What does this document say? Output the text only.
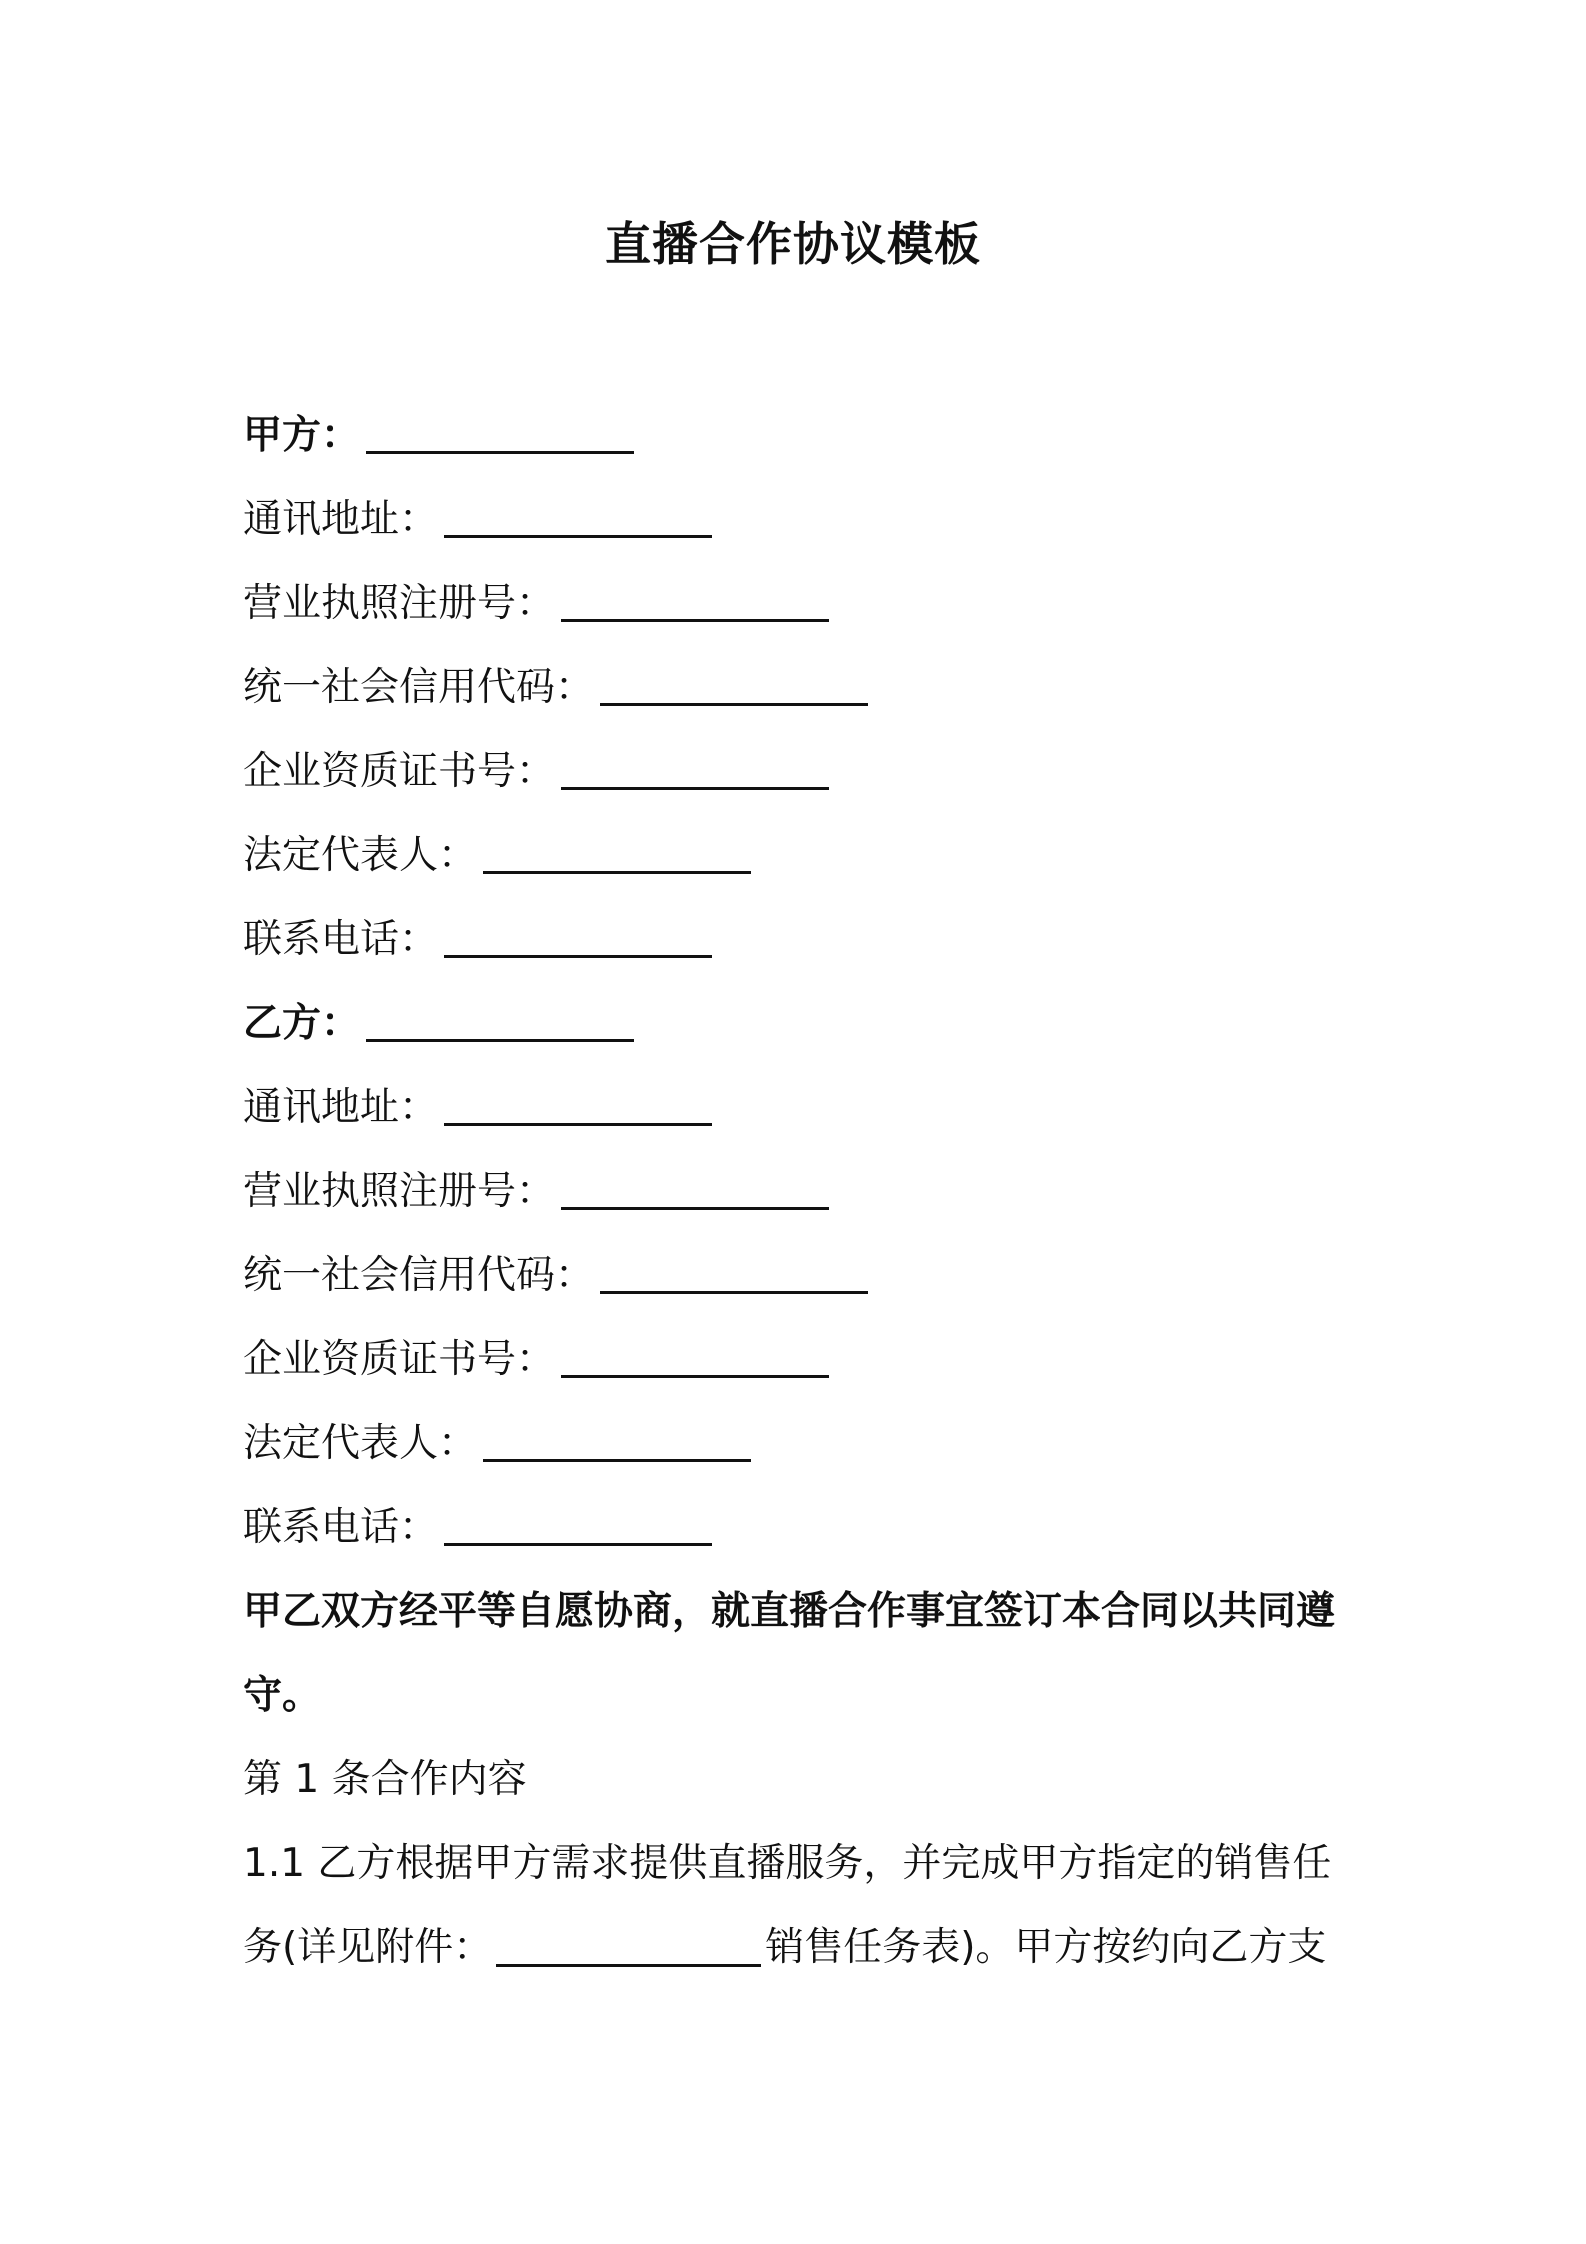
直播合作协议模板
甲方：
通讯地址：
营业执照注册号：
统一社会信用代码：
企业资质证书号：
法定代表人：
联系电话：
乙方：
通讯地址：
营业执照注册号：
统一社会信用代码：
企业资质证书号：
法定代表人：
联系电话：

甲乙双方经平等自愿协商，就直播合作事宜签订本合同以共同遵守。

第 1 条合作内容

1.1 乙方根据甲方需求提供直播服务，并完成甲方指定的销售任务(详见附件：	销售任务表)。甲方按约向乙方支
